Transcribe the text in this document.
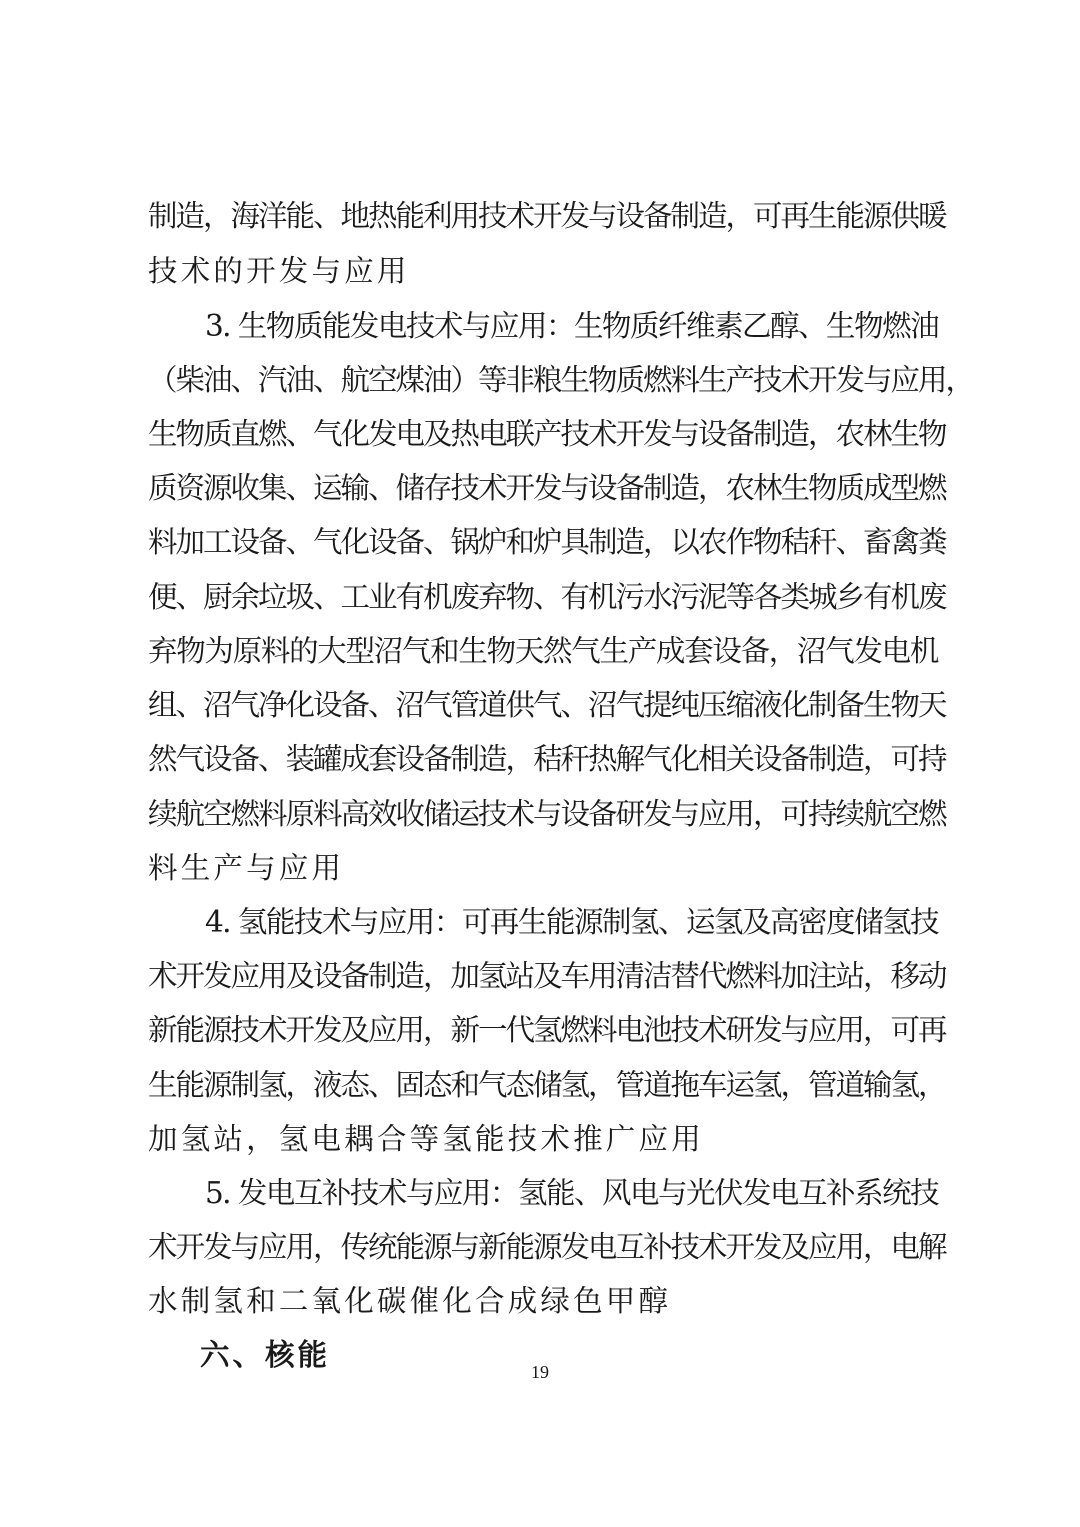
制造，海洋能、地热能利用技术开发与设备制造，可再生能源供暖
技术的开发与应用
3. 生物质能发电技术与应用：生物质纤维素乙醇、生物燃油
（柴油、汽油、航空煤油）等非粮生物质燃料生产技术开发与应用，
生物质直燃、气化发电及热电联产技术开发与设备制造，农林生物
质资源收集、运输、储存技术开发与设备制造，农林生物质成型燃
料加工设备、气化设备、锅炉和炉具制造，以农作物秸秆、畜禽粪
便、厨余垃圾、工业有机废弃物、有机污水污泥等各类城乡有机废
弃物为原料的大型沼气和生物天然气生产成套设备，沼气发电机
组、沼气净化设备、沼气管道供气、沼气提纯压缩液化制备生物天
然气设备、装罐成套设备制造，秸秆热解气化相关设备制造，可持
续航空燃料原料高效收储运技术与设备研发与应用，可持续航空燃
料生产与应用
4. 氢能技术与应用：可再生能源制氢、运氢及高密度储氢技
术开发应用及设备制造，加氢站及车用清洁替代燃料加注站，移动
新能源技术开发及应用，新一代氢燃料电池技术研发与应用，可再
生能源制氢，液态、固态和气态储氢，管道拖车运氢，管道输氢，
加氢站，氢电耦合等氢能技术推广应用
5. 发电互补技术与应用：氢能、风电与光伏发电互补系统技
术开发与应用，传统能源与新能源发电互补技术开发及应用，电解
水制氢和二氧化碳催化合成绿色甲醇
六、核能	19
